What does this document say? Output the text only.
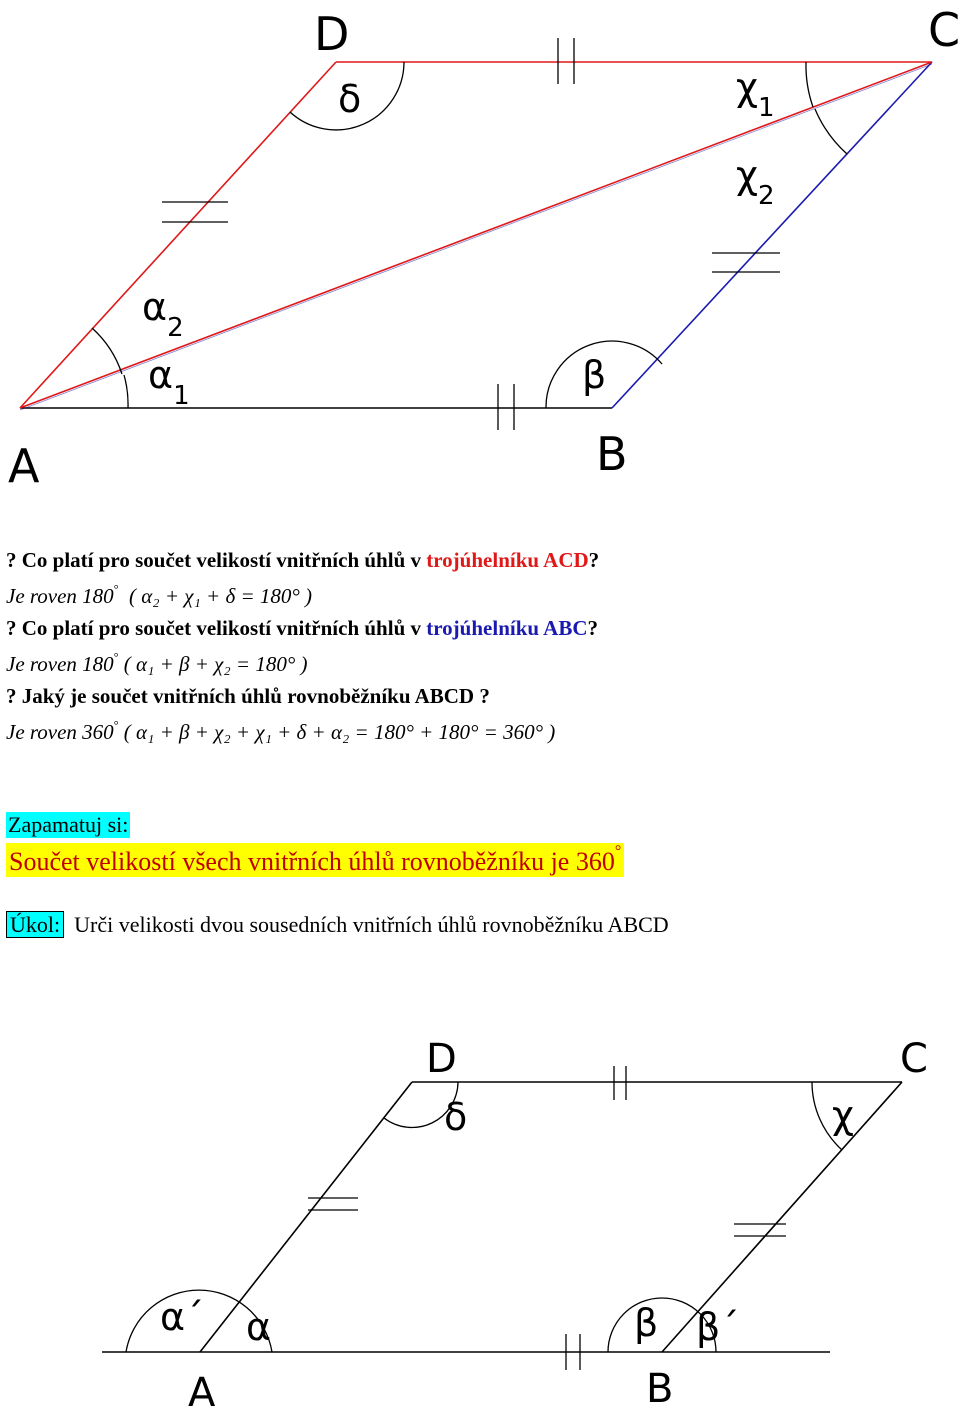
A	B
C
D
$\alpha_2$
$\alpha_1$	β
δ	$\chi_1$
$\chi_2$
? Co platí pro součet velikostí vnitřních úhlů v trojúhelníku ACD?
Je roven 180° ( α₂ + χ₁ + δ = 180° )
? Co platí pro součet velikostí vnitřních úhlů v trojúhelníku ABC?
Je roven 180° ( α₁ + β + χ₂ = 180° )
? Jaký je součet vnitřních úhlů rovnoběžníku ABCD ?
Je roven 360° ( α₁ + β + χ₂ + χ₁ + δ + α₂ = 180° + 180° = 360° )
Zapamatuj si:
Součet velikostí všech vnitřních úhlů rovnoběžníku je 360°
Úkol: Urči velikosti dvou sousedních vnitřních úhlů rovnoběžníku ABCD
A	B
C
D
α´ α	β β´
χ
δ
